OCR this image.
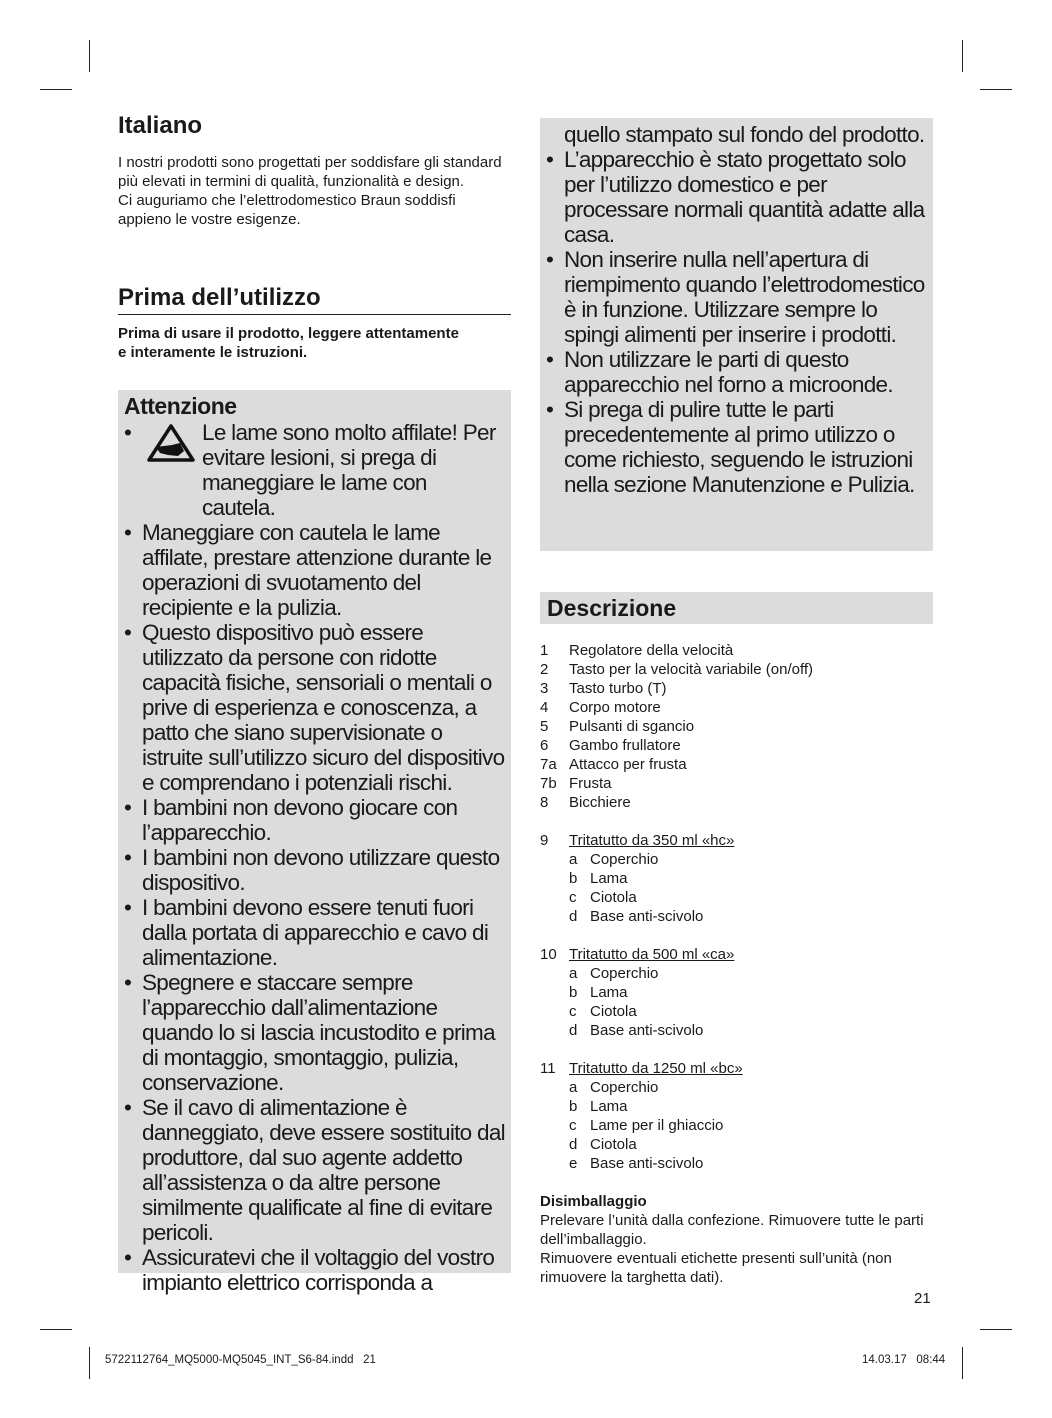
Italiano
I nostri prodotti sono progettati per soddisfare gli standard più elevati in termini di qualità, funzionalità e design.
Ci auguriamo che l’elettrodomestico Braun soddisfi appieno le vostre esigenze.
Prima dell’utilizzo
Prima di usare il prodotto, leggere attentamente e interamente le istruzioni.
Attenzione
•	Le lame sono molto affilate! Per evitare lesioni, si prega di maneggiare le lame con cautela.
• Maneggiare con cautela le lame affilate, prestare attenzione durante le operazioni di svuotamento del recipiente e la pulizia.
• Questo dispositivo può essere utilizzato da persone con ridotte capacità fisiche, sensoriali o mentali o prive di esperienza e conoscenza, a patto che siano supervisionate o istruite sull’utilizzo sicuro del dispositivo e comprendano i potenziali rischi.
• I bambini non devono giocare con l’apparecchio.
• I bambini non devono utilizzare questo dispositivo.
• I bambini devono essere tenuti fuori dalla portata di apparecchio e cavo di alimentazione.
• Spegnere e staccare sempre l’apparecchio dall’alimentazione quando lo si lascia incustodito e prima di montaggio, smontaggio, pulizia, conservazione.
• Se il cavo di alimentazione è danneggiato, deve essere sostituito dal produttore, dal suo agente addetto all’assistenza o da altre persone similmente qualificate al fine di evitare pericoli.
• Assicuratevi che il voltaggio del vostro impianto elettrico corrisponda a
quello stampato sul fondo del prodotto.
• L’apparecchio è stato progettato solo per l’utilizzo domestico e per processare normali quantità adatte alla casa.
• Non inserire nulla nell’apertura di riempimento quando l’elettrodomestico è in funzione. Utilizzare sempre lo spingi alimenti per inserire i prodotti.
• Non utilizzare le parti di questo apparecchio nel forno a microonde.
• Si prega di pulire tutte le parti precedentemente al primo utilizzo o come richiesto, seguendo le istruzioni nella sezione Manutenzione e Pulizia.
Descrizione
1	Regolatore della velocità
2	Tasto per la velocità variabile (on/off)
3	Tasto turbo (T)
4	Corpo motore
5	Pulsanti di sgancio
6	Gambo frullatore
7a Attacco per frusta
7b Frusta
8	Bicchiere
9	Tritatutto da 350 ml «hc»
a Coperchio
b Lama
c Ciotola
d Base anti-scivolo
10 Tritatutto da 500 ml «ca»
a Coperchio
b Lama
c Ciotola
d Base anti-scivolo
11 Tritatutto da 1250 ml «bc»
a Coperchio
b Lama
c Lame per il ghiaccio
d Ciotola
e Base anti-scivolo
Disimballaggio
Prelevare l’unità dalla confezione. Rimuovere tutte le parti dell’imballaggio.
Rimuovere eventuali etichette presenti sull’unità (non rimuovere la targhetta dati).
21
5722112764_MQ5000-MQ5045_INT_S6-84.indd   21	14.03.17   08:44
